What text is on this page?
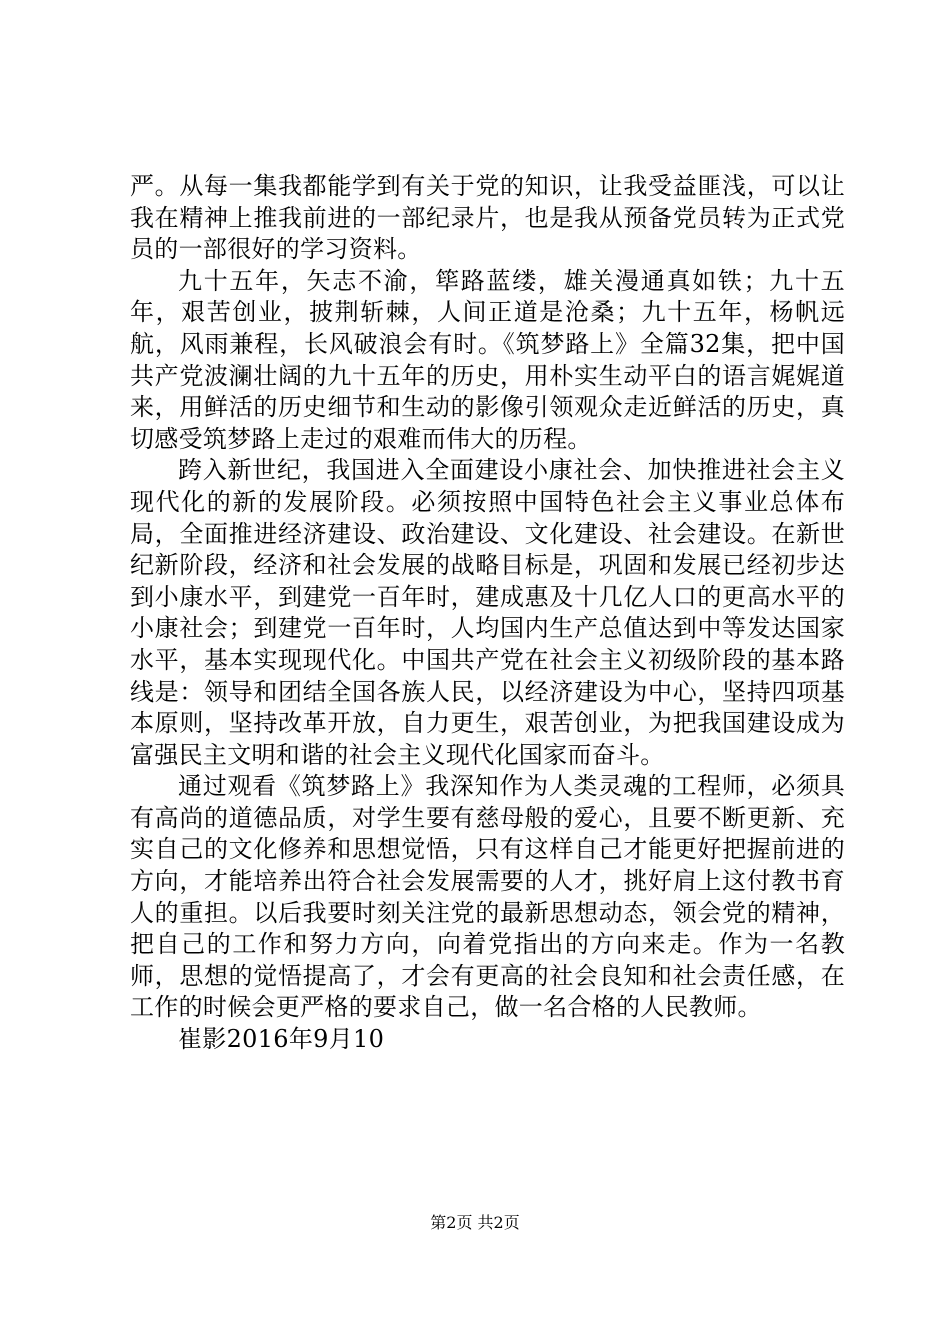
严。从每一集我都能学到有关于党的知识，让我受益匪浅，可以让我在精神上推我前进的一部纪录片，也是我从预备党员转为正式党员的一部很好的学习资料。

九十五年，矢志不渝，筚路蓝缕，雄关漫通真如铁；九十五年，艰苦创业，披荆斩棘，人间正道是沧桑；九十五年，杨帆远航，风雨兼程，长风破浪会有时。《筑梦路上》全篇32集，把中国共产党波澜壮阔的九十五年的历史，用朴实生动平白的语言娓娓道来，用鲜活的历史细节和生动的影像引领观众走近鲜活的历史，真切感受筑梦路上走过的艰难而伟大的历程。

跨入新世纪，我国进入全面建设小康社会、加快推进社会主义现代化的新的发展阶段。必须按照中国特色社会主义事业总体布局，全面推进经济建设、政治建设、文化建设、社会建设。在新世纪新阶段，经济和社会发展的战略目标是，巩固和发展已经初步达到小康水平，到建党一百年时，建成惠及十几亿人口的更高水平的小康社会；到建党一百年时，人均国内生产总值达到中等发达国家水平，基本实现现代化。中国共产党在社会主义初级阶段的基本路线是：领导和团结全国各族人民，以经济建设为中心，坚持四项基本原则，坚持改革开放，自力更生，艰苦创业，为把我国建设成为富强民主文明和谐的社会主义现代化国家而奋斗。

通过观看《筑梦路上》我深知作为人类灵魂的工程师，必须具有高尚的道德品质，对学生要有慈母般的爱心，且要不断更新、充实自己的文化修养和思想觉悟，只有这样自己才能更好把握前进的方向，才能培养出符合社会发展需要的人才，挑好肩上这付教书育人的重担。以后我要时刻关注党的最新思想动态，领会党的精神，把自己的工作和努力方向，向着党指出的方向来走。作为一名教师，思想的觉悟提高了，才会有更高的社会良知和社会责任感，在工作的时候会更严格的要求自己，做一名合格的人民教师。

崔影2016年9月10

第2页 共2页
